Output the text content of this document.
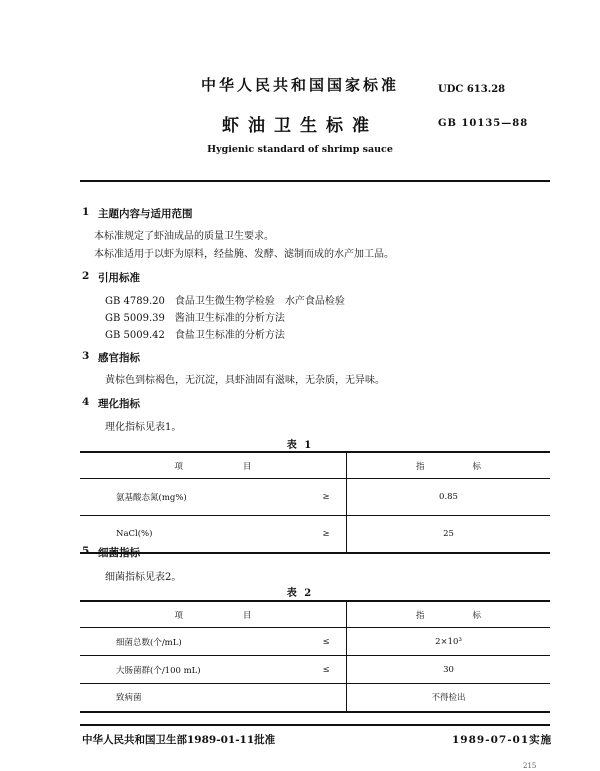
中华人民共和国国家标准	UDC 613.28
虾油卫生标准	GB 10135—88
Hygienic standard of shrimp sauce
1 主题内容与适用范围
本标准规定了虾油成品的质量卫生要求。
本标准适用于以虾为原料，经盐腌、发酵、滤制而成的水产加工品。
2 引用标准
GB 4789.20 食品卫生微生物学检验　水产食品检验
GB 5009.39 酱油卫生标准的分析方法
GB 5009.42 食盐卫生标准的分析方法
3 感官指标
黄棕色到棕褐色，无沉淀，具虾油固有滋味，无杂质，无异味。
4 理化指标
理化指标见表1。
表 1
项 目		指 标
氨基酸态氮(mg%)	≥	0.85
NaCl(%)	≥	25
5 细菌指标
细菌指标见表2。
表 2
项 目		指 标
细菌总数(个/mL)	≤	2×10³
大肠菌群(个/100 mL)	≤	30
致病菌		不得检出
中华人民共和国卫生部1989-01-11批准	1989-07-01实施
215
